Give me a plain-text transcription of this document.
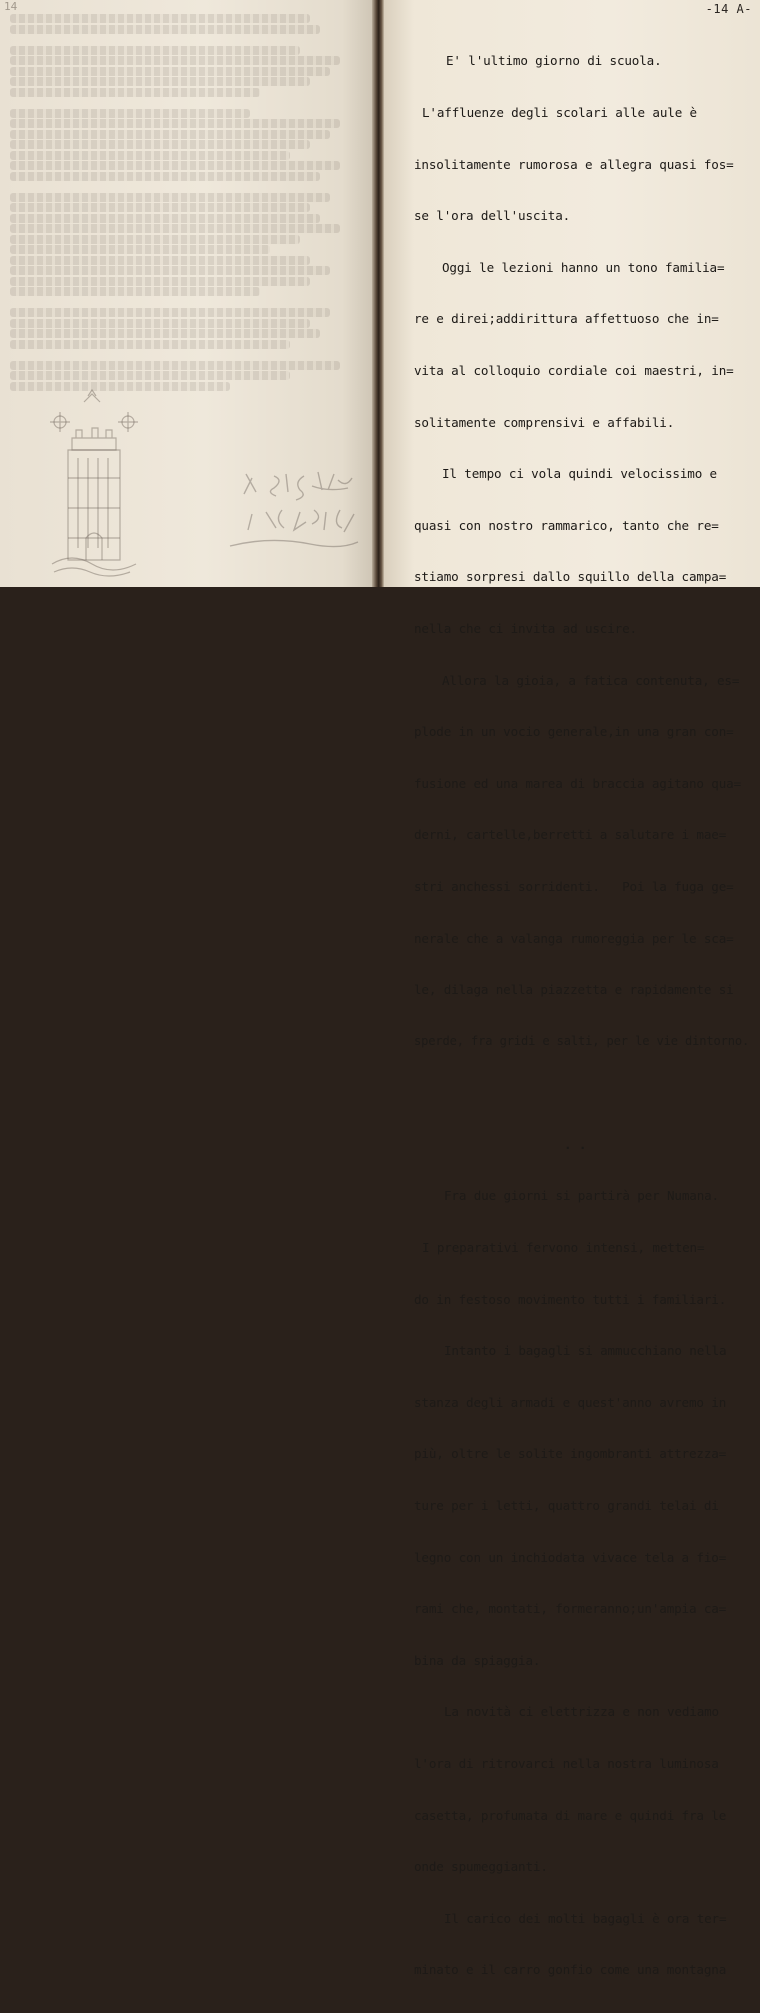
14	-14 A-

E' l'ultimo giorno di scuola.

L'affluenze degli scolari alle aule è

insolitamente rumorosa e allegra quasi fos=

se l'ora dell'uscita.

Oggi le lezioni hanno un tono familia=

re e direi;addirittura affettuoso che in=

vita al colloquio cordiale coi maestri, in=

solitamente comprensivi e affabili.

Il tempo ci vola quindi velocissimo e

quasi con nostro rammarico, tanto che re=

stiamo sorpresi dallo squillo della campa=

nella che ci invita ad uscire.

Allora la gioia, a fatica contenuta, es=

plode in un vocio generale,in una gran con=

fusione ed una marea di braccia agitano qua=

derni, cartelle,berretti a salutare i mae=

stri anchessi sorridenti.   Poi la fuga ge=

nerale che a valanga rumoreggia per le sca=

le, dilaga nella piazzetta e rapidamente si

sperde, fra gridi e salti, per le vie dintorno.

. .

Fra due giorni si partirà per Numana.

I preparativi fervono intensi, metten=

do in festoso movimento tutti i familiari.

Intanto i bagagli si ammucchiano nella

stanza degli armadi e quest'anno avremo in

più, oltre le solite ingombranti attrezza=

ture per i letti, quattro grandi telai di

legno con un inchiodata vivace tela a fio=

rami che, montati, formeranno;un'ampia ca=

bina da spiaggia.

La novità ci elettrizza e non vediamo

l'ora di ritrovarci nella nostra luminosa

casetta, profumata di mare e quindi fra le

onde spumeggianti.

Il carico dei molti bagagli è ora ter=

minato e il carro gonfio come una montagna
